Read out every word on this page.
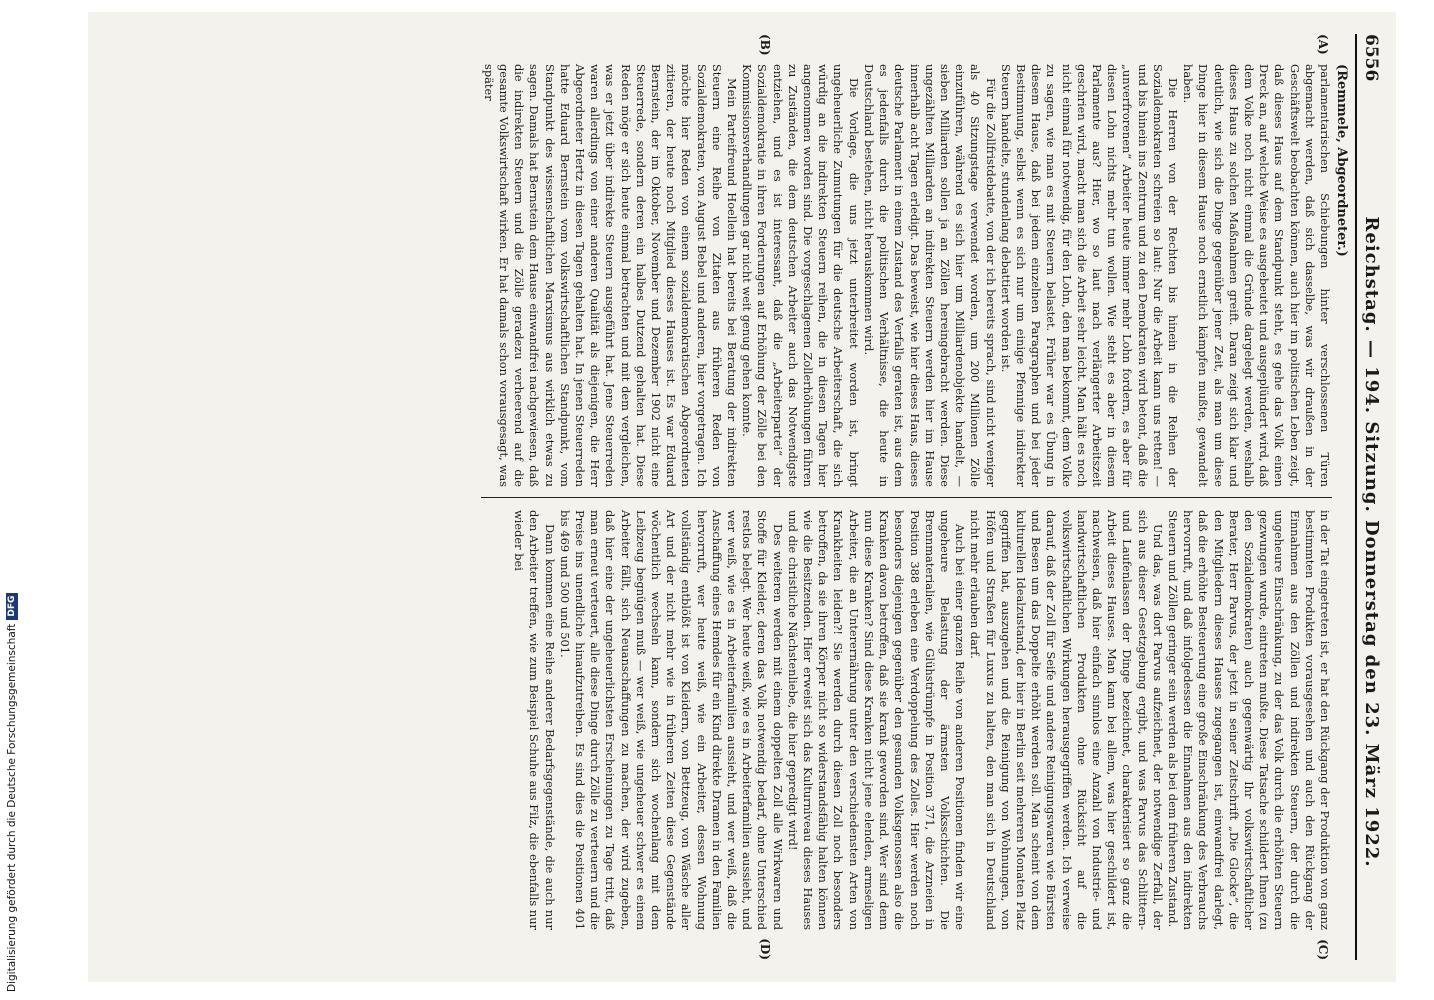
6556
Reichstag. — 194. Sitzung. Donnerstag den 23. März 1922.
(Remmele, Abgeordneter.)
(A)
(B)
(C)
(D)

parlamentarischen Schiebungen hinter verschlossenen Türen abgemacht werden, daß sich dasselbe, was wir draußen in der Geschäftswelt beobachten können, auch hier im politischen Leben zeigt, daß dieses Haus auf dem Standpunkt steht, es gehe das Volk einen Dreck an, auf welche Weise es ausgebeutet und ausgeplündert wird, daß dem Volke noch nicht einmal die Gründe dargelegt werden, weshalb dieses Haus zu solchen Maßnahmen greift. Daran zeigt sich klar und deutlich, wie sich die Dinge gegenüber jener Zeit, als man um diese Dinge hier in diesem Hause noch ernstlich kämpfen mußte, gewandelt haben.

Die Herren von der Rechten bis hinein in die Reihen der Sozialdemokraten schreien so laut: Nur die Arbeit kann uns retten! — und bis hinein ins Zentrum und zu den Demokraten wird betont, daß die „unverfrorenen“ Arbeiter heute immer mehr Lohn fordern, es aber für diesen Lohn nichts mehr tun wollen. Wie steht es aber in diesem Parlamente aus? Hier, wo so laut nach verlängerter Arbeitszeit geschrien wird, macht man sich die Arbeit sehr leicht. Man hält es noch nicht einmal für notwendig, für den Lohn, den man bekommt, dem Volke zu sagen, wie man es mit Steuern belastet. Früher war es Übung in diesem Hause, daß bei jedem einzelnen Paragraphen und bei jeder Bestimmung, selbst wenn es sich nur um einige Pfennige indirekter Steuern handelte, stundenlang debattiert worden ist.

Für die Zollfristdebatte, von der ich bereits sprach, sind nicht weniger als 40 Sitzungstage verwendet worden, um 200 Millionen Zölle einzuführen, während es sich hier um Milliardenobjekte handelt, — sieben Milliarden sollen ja an Zöllen hereingebracht werden. Diese ungezählten Milliarden an indirekten Steuern werden hier im Hause innerhalb acht Tagen erledigt. Das beweist, wie hier dieses Haus, dieses deutsche Parlament in einem Zustand des Verfalls geraten ist, aus dem es jedenfalls durch die politischen Verhältnisse, die heute in Deutschland bestehen, nicht herauskommen wird.

Die Vorlage, die uns jetzt unterbreitet worden ist, bringt ungeheuerliche Zumutungen für die deutsche Arbeiterschaft, die sich würdig an die indirekten Steuern reihen, die in diesen Tagen hier angenommen worden sind. Die vorgeschlagenen Zollerhöhungen führen zu Zuständen, die dem deutschen Arbeiter auch das Notwendigste entziehen, und es ist interessant, daß die „Arbeiterpartei“ der Sozialdemokratie in ihren Forderungen auf Erhöhung der Zölle bei den Kommissionsverhandlungen gar nicht weit genug gehen konnte.

Mein Parteifreund Hoellein hat bereits bei Beratung der indirekten Steuern eine Reihe von Zitaten aus früheren Reden von Sozialdemokraten, von August Bebel und anderen, hier vorgetragen. Ich möchte hier Reden von einem sozialdemokratischen Abgeordneten zitieren, der heute noch Mitglied dieses Hauses ist. Es war Eduard Bernstein, der im Oktober, November und Dezember 1902 nicht eine Steuerrede, sondern deren ein halbes Dutzend gehalten hat. Diese Reden möge er sich heute einmal betrachten und mit dem vergleichen, was er jetzt über indirekte Steuern ausgeführt hat. Jene Steuerreden waren allerdings von einer anderen Qualität als diejenigen, die Herr Abgeordneter Hertz in diesen Tagen gehalten hat. In jenen Steuerreden hatte Eduard Bernstein vom volkswirtschaftlichen Standpunkt, vom Standpunkt des wissenschaftlichen Marxismus aus wirklich etwas zu sagen. Damals hat Bernstein dem Hause einwandfrei nachgewiesen, daß die indirekten Steuern und die Zölle geradezu verheerend auf die gesamte Volkswirtschaft wirken. Er hat damals schon vorausgesagt, was später

in der Tat eingetreten ist, er hat den Rückgang der Produktion von ganz bestimmten Produkten vorausgesehen und auch den Rückgang der Einnahmen aus den Zöllen und indirekten Steuern, der durch die ungeheure Einschränkung, zu der das Volk durch die erhöhten Steuern gezwungen wurde, eintreten mußte. Diese Tatsache schildert Ihnen (zu den Sozialdemokraten) auch gegenwärtig Ihr volkswirtschaftlicher Berater, Herr Parvus, der jetzt in seiner Zeitschrift „Die Glocke“, die den Mitgliedern dieses Hauses zugegangen ist, einwandfrei darlegt, daß die erhöhte Besteuerung eine große Einschränkung des Verbrauchs hervorruft, und daß infolgedessen die Einnahmen aus den indirekten Steuern und Zöllen geringer sein werden als bei dem früheren Zustand.

Und das, was dort Parvus aufzeichnet, der notwendige Zerfall, der sich aus dieser Gesetzgebung ergibt, und was Parvus das Schlittern- und Laufenlassen der Dinge bezeichnet, charakterisiert so ganz die Arbeit dieses Hauses. Man kann bei allem, was hier geschildert ist, nachweisen, daß hier einfach sinnlos eine Anzahl von Industrie- und landwirtschaftlichen Produkten ohne Rücksicht auf die volkswirtschaftlichen Wirkungen herausgegriffen werden. Ich verweise darauf, daß der Zoll für Seife und andere Reinigungswaren wie Bürsten und Besen um das Doppelte erhöht werden soll. Man scheint von dem kulturellen Idealzustand, der hier in Berlin seit mehreren Monaten Platz gegriffen hat, auszugehen und die Reinigung von Wohnungen, von Höfen und Straßen für Luxus zu halten, den man sich in Deutschland nicht mehr erlauben darf.

Auch bei einer ganzen Reihe von anderen Positionen finden wir eine ungeheure Belastung der ärmsten Volksschichten. Die Brennmaterialien, wie Glühstrümpfe in Position 371, die Arzneien in Position 388 erleben eine Verdoppelung des Zolles. Hier werden noch besonders diejenigen gegenüber den gesunden Volksgenossen also die Kranken davon betroffen, daß sie krank geworden sind. Wer sind denn nun diese Kranken? Sind diese Kranken nicht jene elenden, armseligen Arbeiter, die an Unterernährung unter den verschiedensten Arten von Krankheiten leiden?! Sie werden durch diesen Zoll noch besonders betroffen, da sie ihren Körper nicht so widerstandsfähig halten können wie die Besitzenden. Hier erweist sich das Kulturniveau dieses Hauses und die christliche Nächstenliebe, die hier gepredigt wird!

Des weiteren werden mit einem doppelten Zoll alle Wirkwaren und Stoffe für Kleider, deren das Volk notwendig bedarf, ohne Unterschied restlos belegt. Wer heute weiß, wie es in Arbeiterfamilien aussieht, und wer weiß, wie es in Arbeiterfamilien aussieht, und wer weiß, daß die Anschaffung eines Hemdes für ein Kind direkte Dramen in den Familien hervorruft, wer heute weiß, wie ein Arbeiter, dessen Wohnung vollständig entblößt ist von Kleidern, von Bettzeug, von Wäsche aller Art und der nicht mehr wie in früheren Zeiten diese Gegenstände wöchentlich wechseln kann, sondern sich wochenlang mit dem Leibzeug begnügen muß — wer weiß, wie ungeheuer schwer es einem Arbeiter fällt, sich Neuanschaffungen zu machen, der wird zugeben, daß hier eine der ungeheuerlichsten Erscheinungen zu Tage tritt, daß man erneut verteuert, alle diese Dinge durch Zölle zu verteuern und die Preise ins unendliche hinaufzutreiben. Es sind dies die Positionen 401 bis 469 und 500 und 501.

Dann kommen eine Reihe anderer Bedarfsgegenstände, die auch nur den Arbeiter treffen, wie zum Beispiel Schuhe aus Filz, die ebenfalls nur wieder bei

Digitalisierung gefördert durch die Deutsche Forschungsgemeinschaft
DFG
